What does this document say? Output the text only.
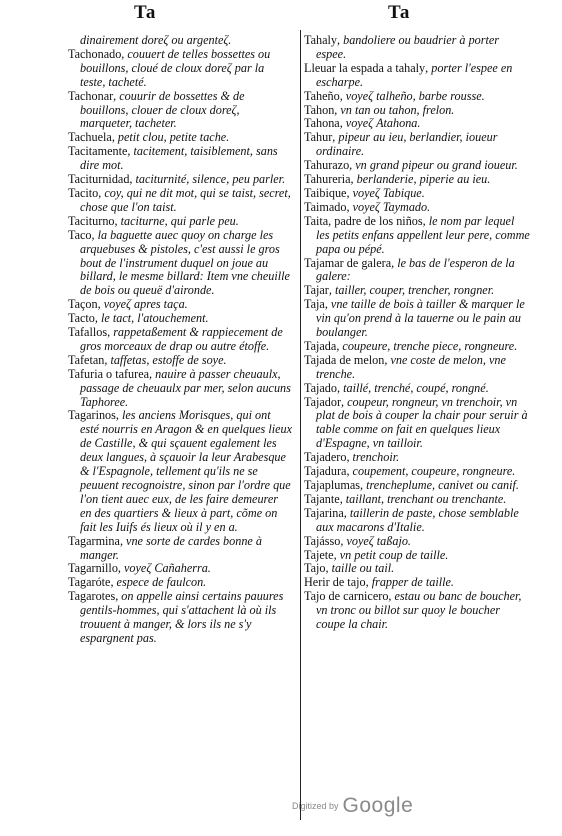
Ta	Ta
dinairement doreζ ou argenteζ.
Tachonado, couuert de telles bossettes ou bouillons, cloué de cloux doreζ par la teste, tacheté.
Tachonar, couurir de bossettes & de bouillons, clouer de cloux doreζ, marqueter, tacheter.
Tachuela, petit clou, petite tache.
Tacitamente, tacitement, taisiblement, sans dire mot.
Taciturnidad, taciturnité, silence, peu parler.
Tacito, coy, qui ne dit mot, qui se taist, secret, chose que l'on taist.
Taciturno, taciturne, qui parle peu.
Taco, la baguette auec quoy on charge les arquebuses & pistoles, c'est aussi le gros bout de l'instrument duquel on joue au billard, le mesme billard: Item vne cheuille de bois ou queuë d'aironde.
Taçon, voyeζ apres taça.
Tacto, le tact, l'atouchement.
Tafallos, rappetaßement & rappiecement de gros morceaux de drap ou autre étoffe.
Tafetan, taffetas, estoffe de soye.
Tafuria o tafurea, nauire à passer cheuaulx, passage de cheuaulx par mer, selon aucuns Taphoree.
Tagarinos, les anciens Morisques, qui ont esté nourris en Aragon & en quelques lieux de Castille, & qui sçauent egalement les deux langues, à sçauoir la leur Arabesque & l'Espagnole, tellement qu'ils ne se peuuent recognoistre, sinon par l'ordre que l'on tient auec eux, de les faire demeurer en des quartiers & lieux à part, cõme on fait les Iuifs és lieux où il y en a.
Tagarmina, vne sorte de cardes bonne à manger.
Tagarnillo, voyeζ Cañaherra.
Tagaróte, espece de faulcon.
Tagarotes, on appelle ainsi certains pauures gentils-hommes, qui s'attachent là où ils trouuent à manger, & lors ils ne s'y espargnent pas.
Tahaly, bandoliere ou baudrier à porter espee.
Lleuar la espada a tahaly, porter l'espee en escharpe.
Taheño, voyeζ talheño, barbe rousse.
Tahon, vn tan ou tahon, frelon.
Tahona, voyeζ Atahona.
Tahur, pipeur au ieu, berlandier, ioueur ordinaire.
Tahurazo, vn grand pipeur ou grand ioueur.
Tahureria, berlanderie, piperie au ieu.
Taibique, voyeζ Tabique.
Taimado, voyeζ Taymado.
Taita, padre de los niños, le nom par lequel les petits enfans appellent leur pere, comme papa ou pépé.
Tajamar de galera, le bas de l'esperon de la galere:
Tajar, tailler, couper, trencher, rongner.
Taja, vne taille de bois à tailler & marquer le vin qu'on prend à la tauerne ou le pain au boulanger.
Tajada, coupeure, trenche piece, rongneure.
Tajada de melon, vne coste de melon, vne trenche.
Tajado, taillé, trenché, coupé, rongné.
Tajador, coupeur, rongneur, vn trenchoir, vn plat de bois à couper la chair pour seruir à table comme on fait en quelques lieux d'Espagne, vn tailloir.
Tajadero, trenchoir.
Tajadura, coupement, coupeure, rongneure.
Tajaplumas, trencheplume, canivet ou canif.
Tajante, taillant, trenchant ou trenchante.
Tajarina, taillerin de paste, chose semblable aux macarons d'Italie.
Tajásso, voyeζ taßajo.
Tajete, vn petit coup de taille.
Tajo, taille ou tail.
Herir de tajo, frapper de taille.
Tajo de carnicero, estau ou banc de boucher, vn tronc ou billot sur quoy le boucher coupe la chair.
Digitized by Google
